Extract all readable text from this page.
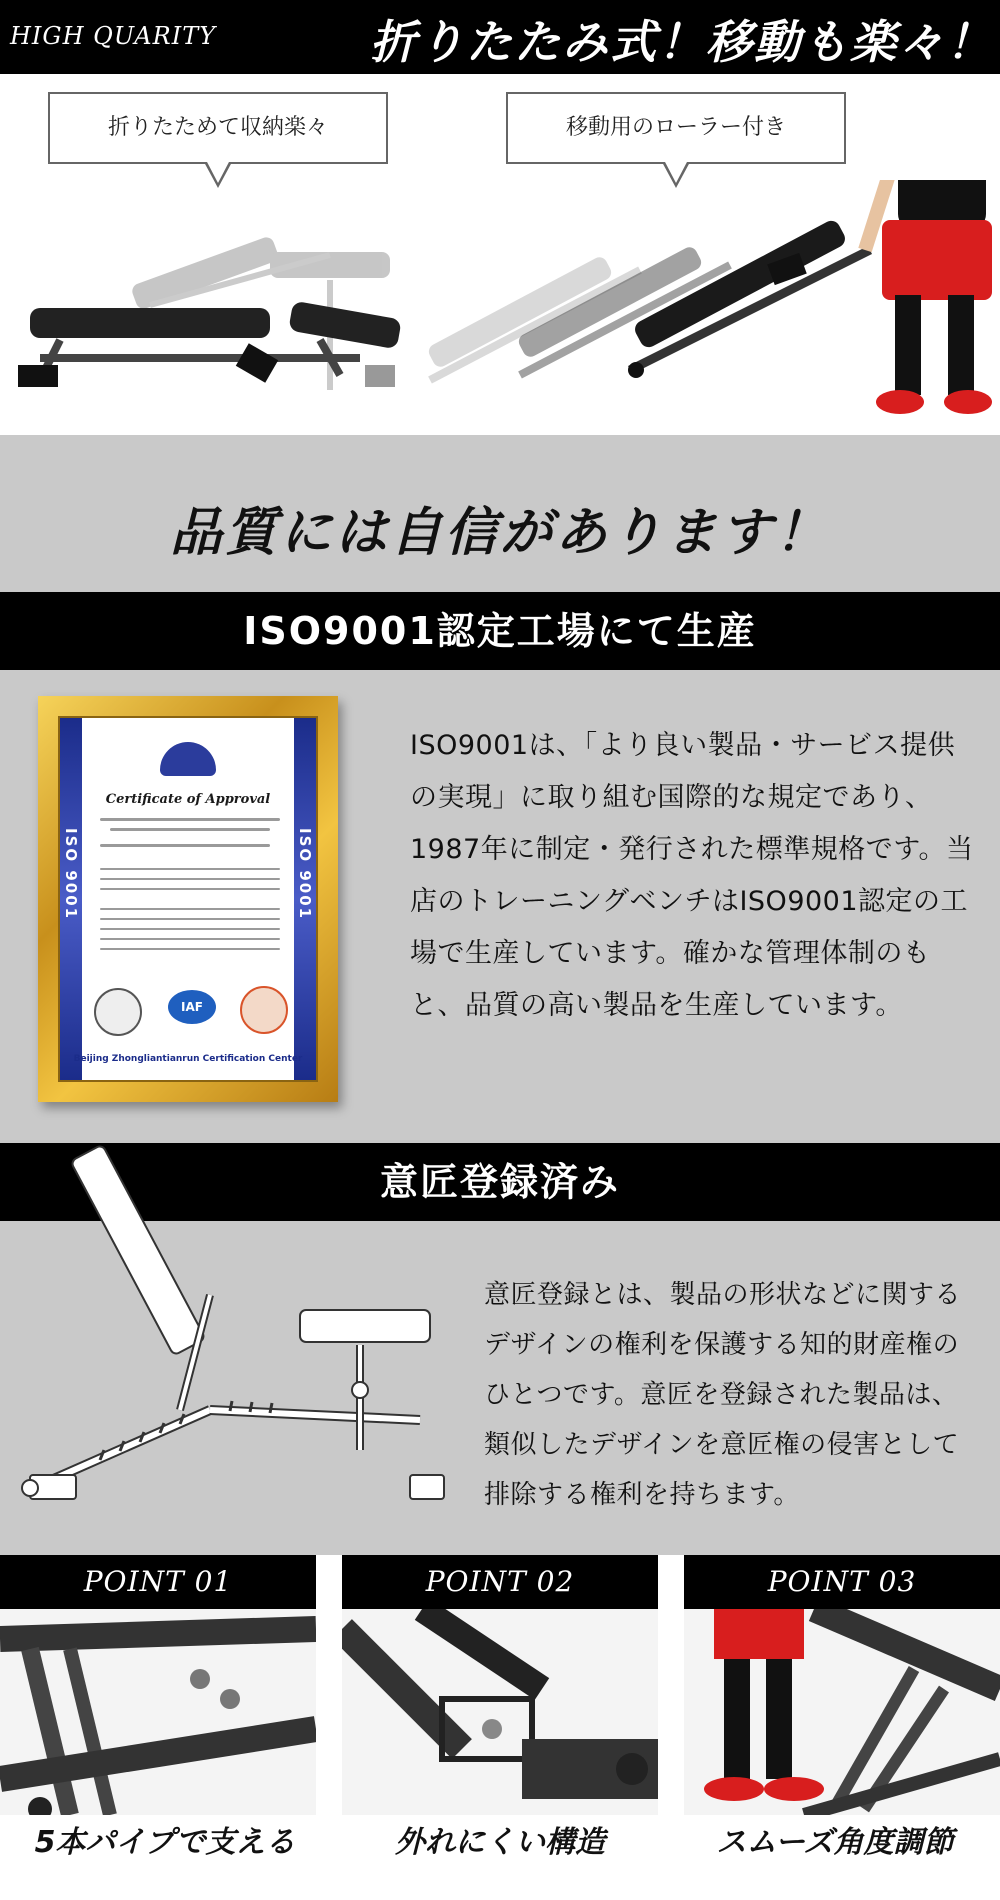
HIGH QUARITY	折りたたみ式！移動も楽々！
折りたためて収納楽々	移動用のローラー付き
品質には自信があります！
ISO9001認定工場にて生産
ISO 9001	ISO 9001
Certificate of Approval
IAF
Beijing Zhongliantianrun Certification Center
ISO9001は、「より良い製品・サービス提供の実現」に取り組む国際的な規定であり、1987年に制定・発行された標準規格です。当店のトレーニングベンチはISO9001認定の工場で生産しています。確かな管理体制のもと、品質の高い製品を生産しています。
意匠登録済み
意匠登録とは、製品の形状などに関するデザインの権利を保護する知的財産権のひとつです。意匠を登録された製品は、類似したデザインを意匠権の侵害として排除する権利を持ちます。
POINT 01	POINT 02	POINT 03
5本パイプで支える	外れにくい構造	スムーズ角度調節
